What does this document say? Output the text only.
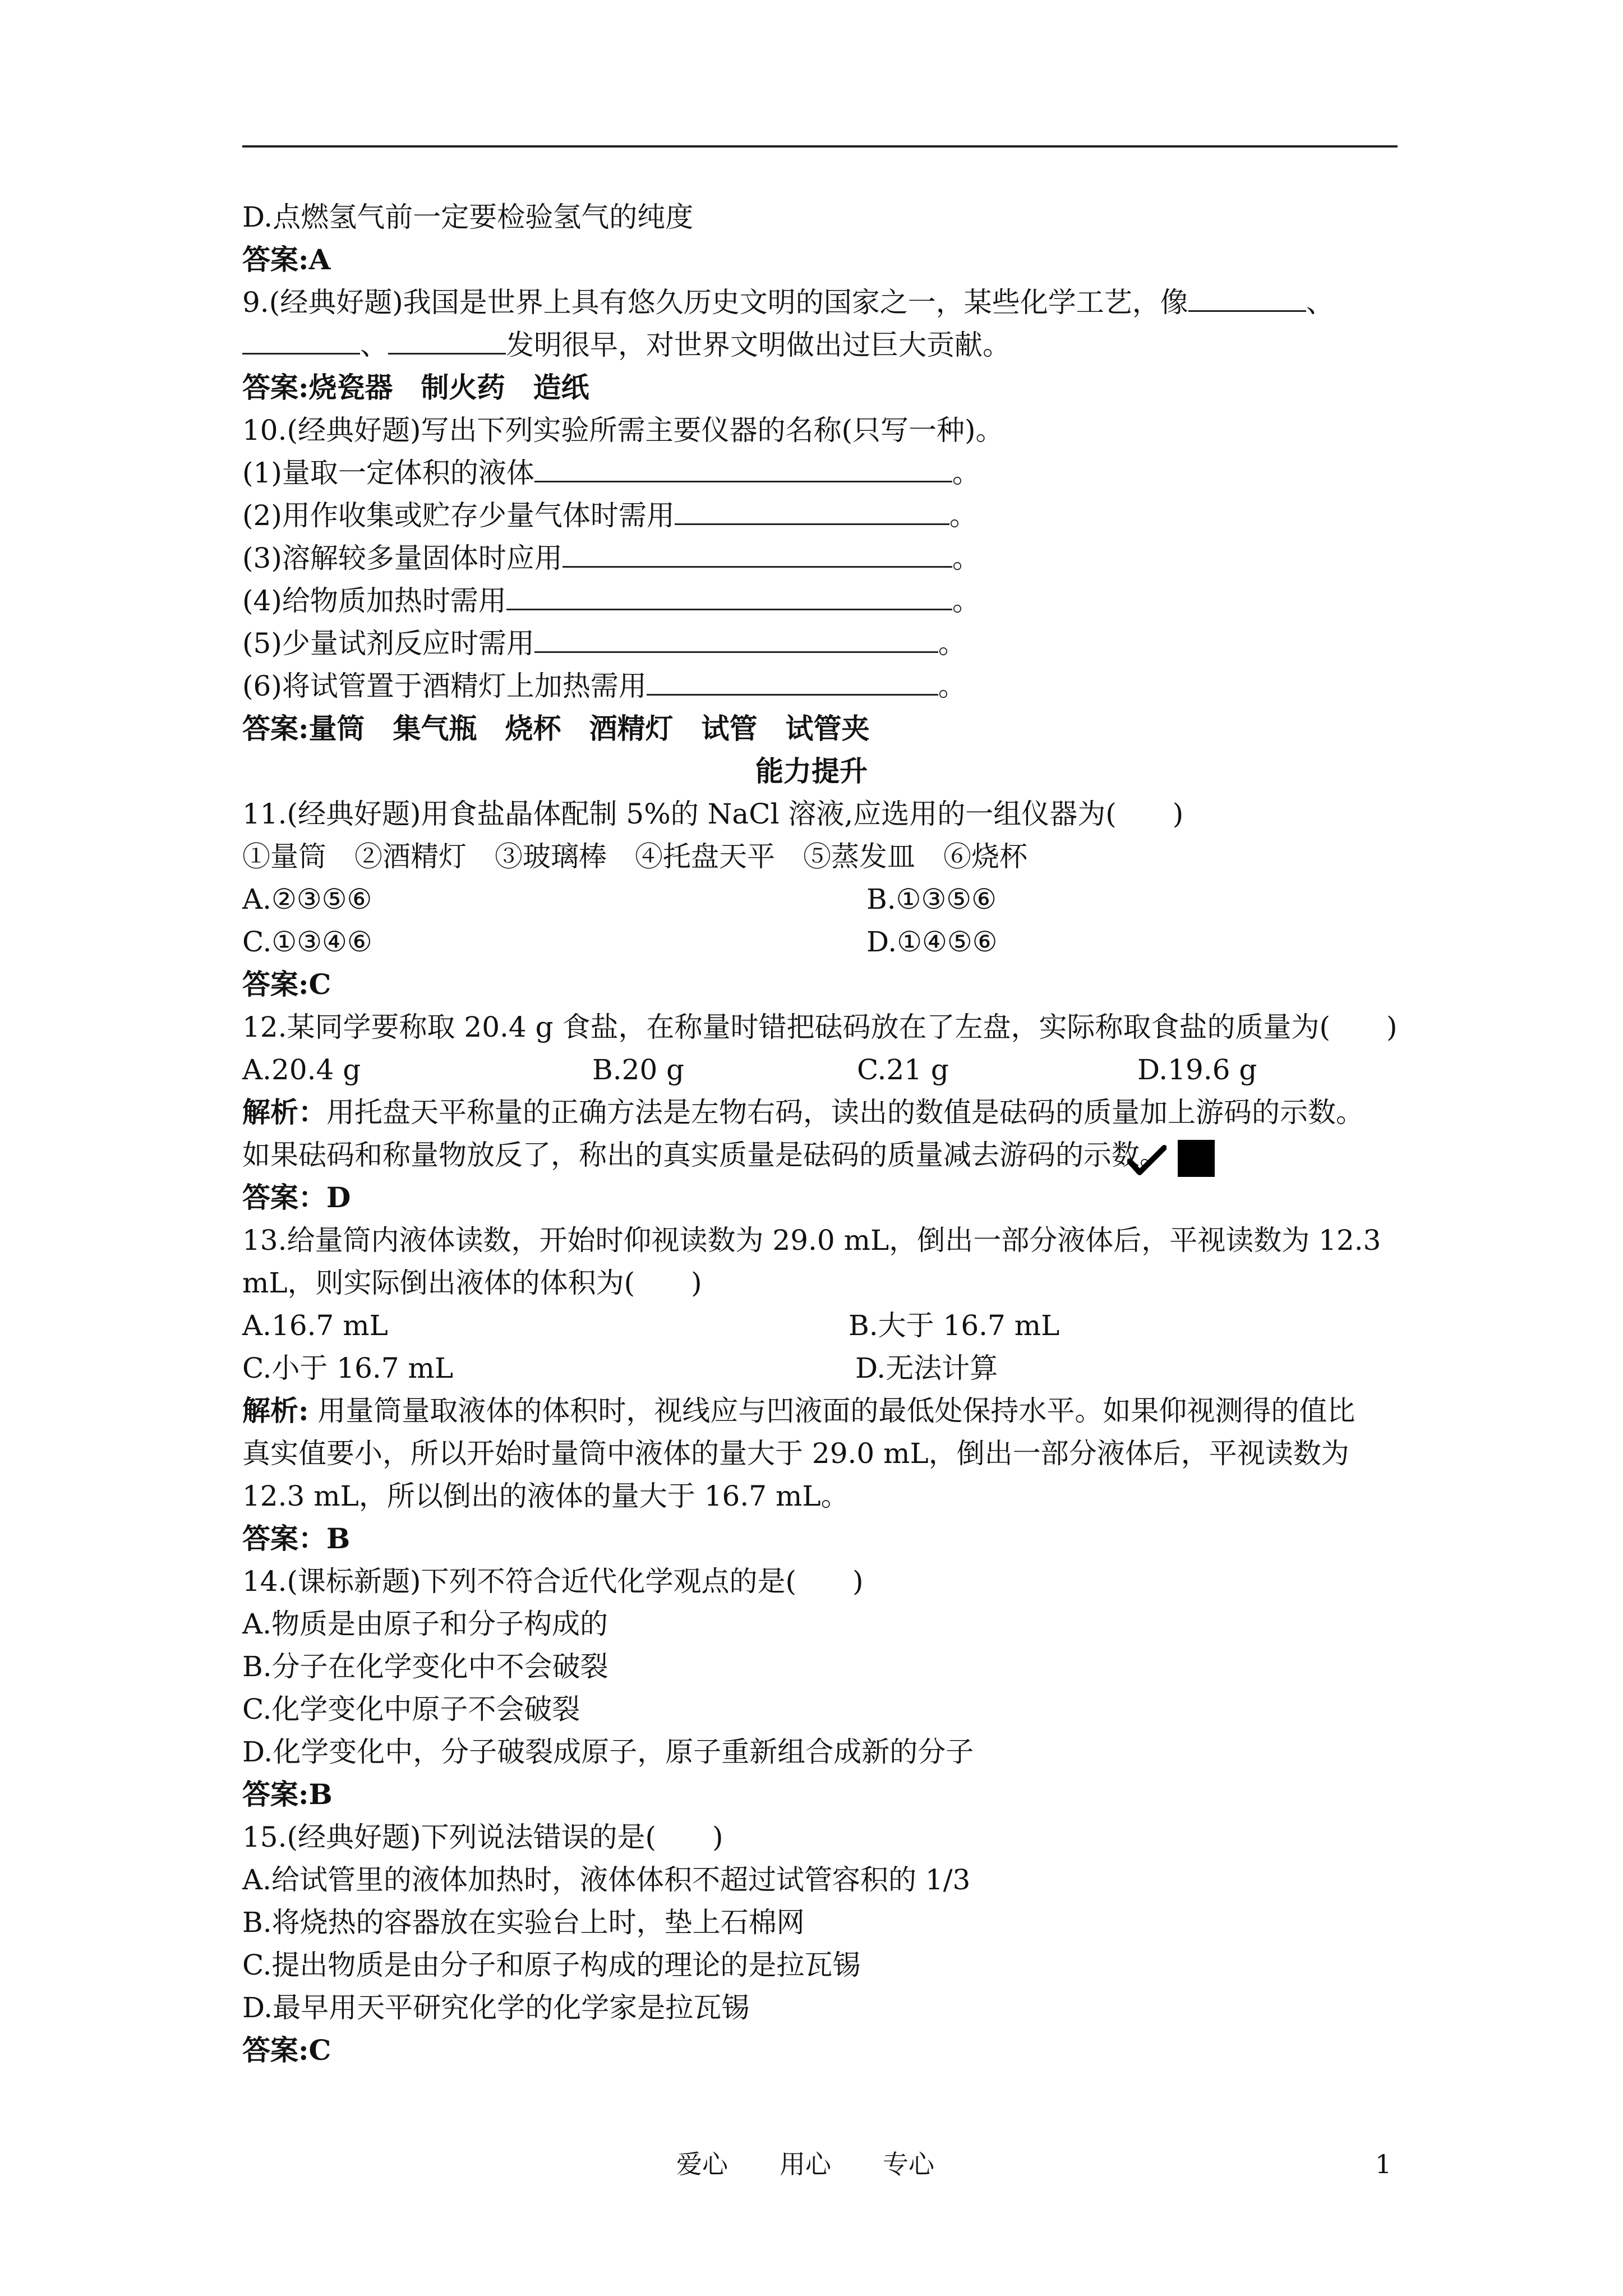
D.点燃氢气前一定要检验氢气的纯度
答案:A
9.(经典好题)我国是世界上具有悠久历史文明的国家之一，某些化学工艺，像	、
、	发明很早，对世界文明做出过巨大贡献。
答案:烧瓷器　制火药　造纸
10.(经典好题)写出下列实验所需主要仪器的名称(只写一种)。
(1)量取一定体积的液体	。
(2)用作收集或贮存少量气体时需用	。
(3)溶解较多量固体时应用	。
(4)给物质加热时需用	。
(5)少量试剂反应时需用	。
(6)将试管置于酒精灯上加热需用	。
答案:量筒　集气瓶　烧杯　酒精灯　试管　试管夹
能力提升
11.(经典好题)用食盐晶体配制 5%的 NaCl 溶液,应选用的一组仪器为(　　)
①量筒　②酒精灯　③玻璃棒　④托盘天平　⑤蒸发皿　⑥烧杯
A.②③⑤⑥	B.①③⑤⑥
C.①③④⑥	D.①④⑤⑥
答案:C
12.某同学要称取 20.4 g 食盐，在称量时错把砝码放在了左盘，实际称取食盐的质量为(　　)
A.20.4 g	B.20 g	C.21 g	D.19.6 g
解析：用托盘天平称量的正确方法是左物右码，读出的数值是砝码的质量加上游码的示数。
如果砝码和称量物放反了，称出的真实质量是砝码的质量减去游码的示数。
答案：D
13.给量筒内液体读数，开始时仰视读数为 29.0 mL，倒出一部分液体后，平视读数为 12.3
mL，则实际倒出液体的体积为(　　)
A.16.7 mL	B.大于 16.7 mL
C.小于 16.7 mL	D.无法计算
解析: 用量筒量取液体的体积时，视线应与凹液面的最低处保持水平。如果仰视测得的值比
真实值要小，所以开始时量筒中液体的量大于 29.0 mL，倒出一部分液体后，平视读数为
12.3 mL，所以倒出的液体的量大于 16.7 mL。
答案：B
14.(课标新题)下列不符合近代化学观点的是(　　)
A.物质是由原子和分子构成的
B.分子在化学变化中不会破裂
C.化学变化中原子不会破裂
D.化学变化中，分子破裂成原子，原子重新组合成新的分子
答案:B
15.(经典好题)下列说法错误的是(　　)
A.给试管里的液体加热时，液体体积不超过试管容积的 1/3
B.将烧热的容器放在实验台上时，垫上石棉网
C.提出物质是由分子和原子构成的理论的是拉瓦锡
D.最早用天平研究化学的化学家是拉瓦锡
答案:C
爱心　　用心　　专心	1
